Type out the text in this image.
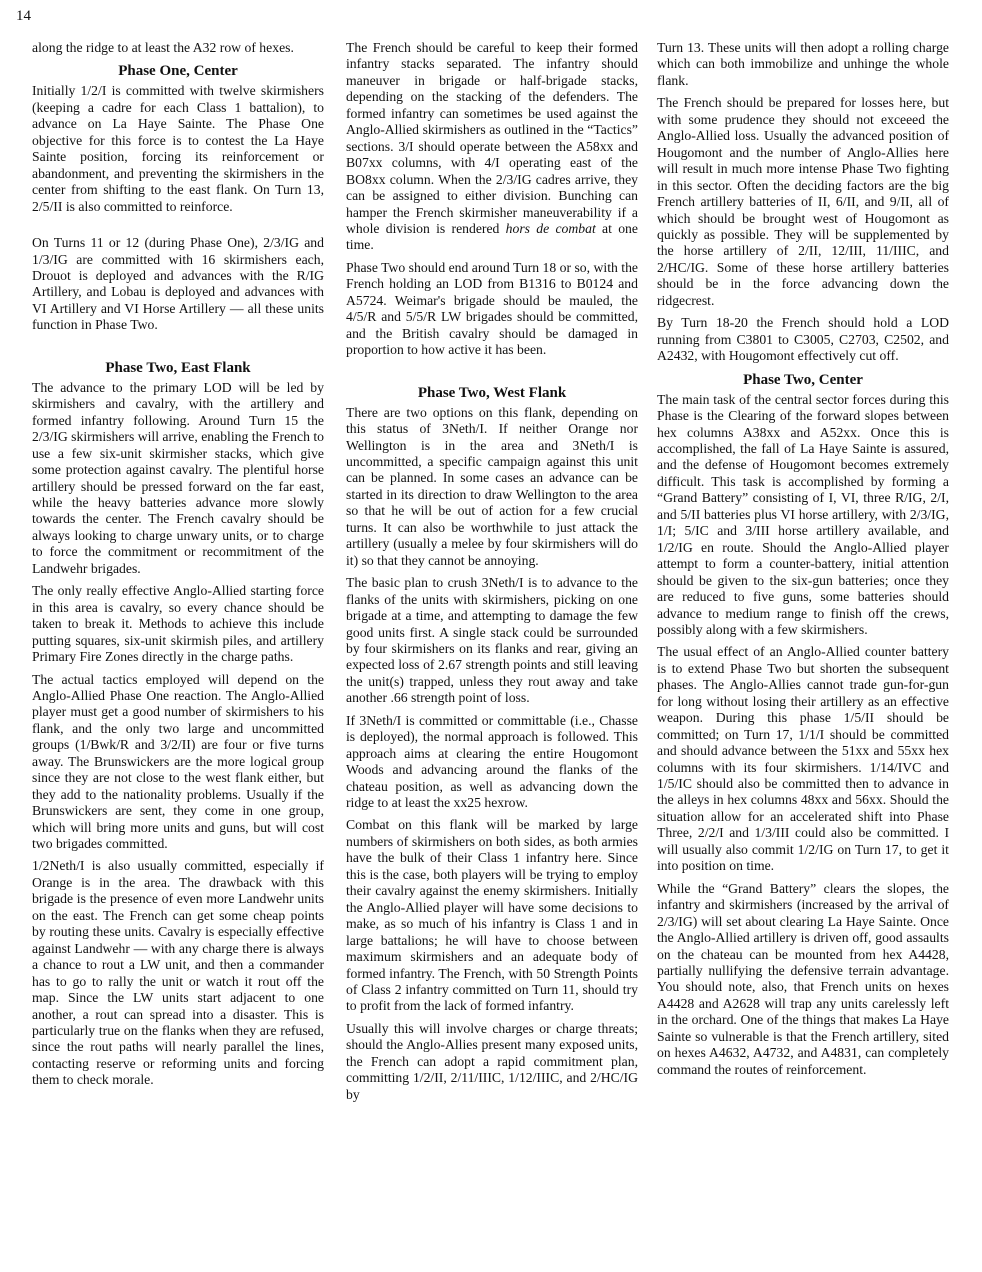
14

along the ridge to at least the A32 row of hexes.

Phase One, Center

Initially 1/2/I is committed with twelve skirmishers (keeping a cadre for each Class 1 battalion), to advance on La Haye Sainte. The Phase One objective for this force is to contest the La Haye Sainte position, forcing its reinforcement or abandonment, and preventing the skirmishers in the center from shifting to the east flank. On Turn 13, 2/5/II is also committed to reinforce.

On Turns 11 or 12 (during Phase One), 2/3/IG and 1/3/IG are committed with 16 skirmishers each, Drouot is deployed and advances with the R/IG Artillery, and Lobau is deployed and advances with VI Artillery and VI Horse Artillery — all these units function in Phase Two.

Phase Two, East Flank

The advance to the primary LOD will be led by skirmishers and cavalry, with the artillery and formed infantry following. Around Turn 15 the 2/3/IG skirmishers will arrive, enabling the French to use a few six-unit skirmisher stacks, which give some protection against cavalry. The plentiful horse artillery should be pressed forward on the far east, while the heavy batteries advance more slowly towards the center. The French cavalry should be always looking to charge unwary units, or to charge to force the commitment or recommitment of the Landwehr brigades.

The only really effective Anglo-Allied starting force in this area is cavalry, so every chance should be taken to break it. Methods to achieve this include putting squares, six-unit skirmish piles, and artillery Primary Fire Zones directly in the charge paths.

The actual tactics employed will depend on the Anglo-Allied Phase One reaction. The Anglo-Allied player must get a good number of skirmishers to his flank, and the only two large and uncommitted groups (1/Bwk/R and 3/2/II) are four or five turns away. The Brunswickers are the more logical group since they are not close to the west flank either, but they add to the nationality problems. Usually if the Brunswickers are sent, they come in one group, which will bring more units and guns, but will cost two brigades committed.

1/2Neth/I is also usually committed, especially if Orange is in the area. The drawback with this brigade is the presence of even more Landwehr units on the east. The French can get some cheap points by routing these units. Cavalry is especially effective against Landwehr — with any charge there is always a chance to rout a LW unit, and then a commander has to go to rally the unit or watch it rout off the map. Since the LW units start adjacent to one another, a rout can spread into a disaster. This is particularly true on the flanks when they are refused, since the rout paths will nearly parallel the lines, contacting reserve or reforming units and forcing them to check morale.

The French should be careful to keep their formed infantry stacks separated. The infantry should maneuver in brigade or half-brigade stacks, depending on the stacking of the defenders. The formed infantry can sometimes be used against the Anglo-Allied skirmishers as outlined in the “Tactics” sections. 3/I should operate between the A58xx and B07xx columns, with 4/I operating east of the BO8xx column. When the 2/3/IG cadres arrive, they can be assigned to either division. Bunching can hamper the French skirmisher maneuverability if a whole division is rendered hors de combat at one time.

Phase Two should end around Turn 18 or so, with the French holding an LOD from B1316 to B0124 and A5724. Weimar's brigade should be mauled, the 4/5/R and 5/5/R LW brigades should be committed, and the British cavalry should be damaged in proportion to how active it has been.

Phase Two, West Flank

There are two options on this flank, depending on this status of 3Neth/I. If neither Orange nor Wellington is in the area and 3Neth/I is uncommitted, a specific campaign against this unit can be planned. In some cases an advance can be started in its direction to draw Wellington to the area so that he will be out of action for a few crucial turns. It can also be worthwhile to just attack the artillery (usually a melee by four skirmishers will do it) so that they cannot be annoying.

The basic plan to crush 3Neth/I is to advance to the flanks of the units with skirmishers, picking on one brigade at a time, and attempting to damage the few good units first. A single stack could be surrounded by four skirmishers on its flanks and rear, giving an expected loss of 2.67 strength points and still leaving the unit(s) trapped, unless they rout away and take another .66 strength point of loss.

If 3Neth/I is committed or committable (i.e., Chasse is deployed), the normal approach is followed. This approach aims at clearing the entire Hougomont Woods and advancing around the flanks of the chateau position, as well as advancing down the ridge to at least the xx25 hexrow.

Combat on this flank will be marked by large numbers of skirmishers on both sides, as both armies have the bulk of their Class 1 infantry here. Since this is the case, both players will be trying to employ their cavalry against the enemy skirmishers. Initially the Anglo-Allied player will have some decisions to make, as so much of his infantry is Class 1 and in large battalions; he will have to choose between maximum skirmishers and an adequate body of formed infantry. The French, with 50 Strength Points of Class 2 infantry committed on Turn 11, should try to profit from the lack of formed infantry.

Usually this will involve charges or charge threats; should the Anglo-Allies present many exposed units, the French can adopt a rapid commitment plan, committing 1/2/II, 2/11/IIIC, 1/12/IIIC, and 2/HC/IG by

Turn 13. These units will then adopt a rolling charge which can both immobilize and unhinge the whole flank.

The French should be prepared for losses here, but with some prudence they should not exceeed the Anglo-Allied loss. Usually the advanced position of Hougomont and the number of Anglo-Allies here will result in much more intense Phase Two fighting in this sector. Often the deciding factors are the big French artillery batteries of II, 6/II, and 9/II, all of which should be brought west of Hougomont as quickly as possible. They will be supplemented by the horse artillery of 2/II, 12/III, 11/IIIC, and 2/HC/IG. Some of these horse artillery batteries should be in the force advancing down the ridgecrest.

By Turn 18-20 the French should hold a LOD running from C3801 to C3005, C2703, C2502, and A2432, with Hougomont effectively cut off.

Phase Two, Center

The main task of the central sector forces during this Phase is the Clearing of the forward slopes between hex columns A38xx and A52xx. Once this is accomplished, the fall of La Haye Sainte is assured, and the defense of Hougomont becomes extremely difficult. This task is accomplished by forming a “Grand Battery” consisting of I, VI, three R/IG, 2/I, and 5/II batteries plus VI horse artillery, with 2/3/IG, 1/I; 5/IC and 3/III horse artillery available, and 1/2/IG en route. Should the Anglo-Allied player attempt to form a counter-battery, initial attention should be given to the six-gun batteries; once they are reduced to five guns, some batteries should advance to medium range to finish off the crews, possibly along with a few skirmishers.

The usual effect of an Anglo-Allied counter battery is to extend Phase Two but shorten the subsequent phases. The Anglo-Allies cannot trade gun-for-gun for long without losing their artillery as an effective weapon. During this phase 1/5/II should be committed; on Turn 17, 1/1/I should be committed and should advance between the 51xx and 55xx hex columns with its four skirmishers. 1/14/IVC and 1/5/IC should also be committed then to advance in the alleys in hex columns 48xx and 56xx. Should the situation allow for an accelerated shift into Phase Three, 2/2/I and 1/3/III could also be committed. I will usually also commit 1/2/IG on Turn 17, to get it into position on time.

While the “Grand Battery” clears the slopes, the infantry and skirmishers (increased by the arrival of 2/3/IG) will set about clearing La Haye Sainte. Once the Anglo-Allied artillery is driven off, good assaults on the chateau can be mounted from hex A4428, partially nullifying the defensive terrain advantage. You should note, also, that French units on hexes A4428 and A2628 will trap any units carelessly left in the orchard. One of the things that makes La Haye Sainte so vulnerable is that the French artillery, sited on hexes A4632, A4732, and A4831, can completely command the routes of reinforcement.
